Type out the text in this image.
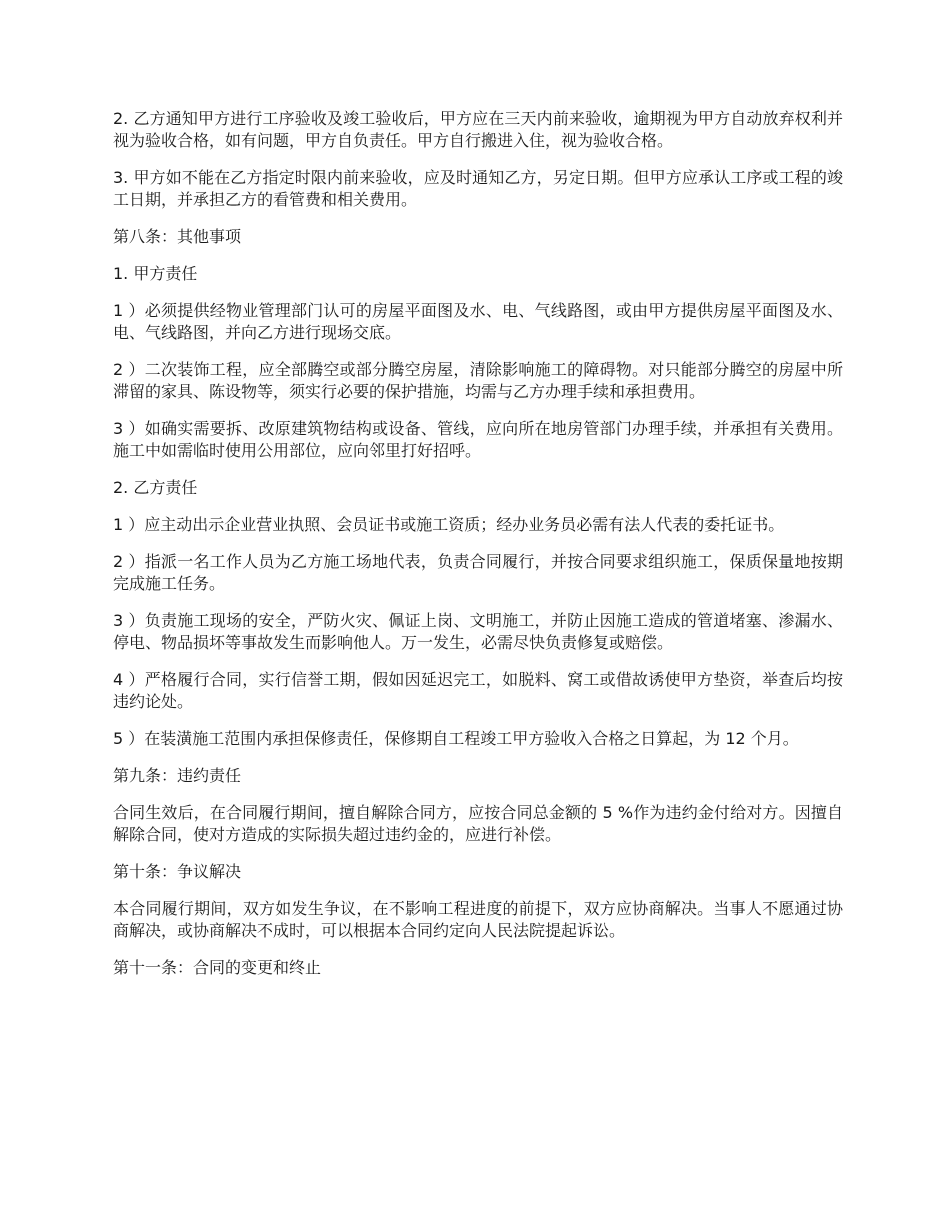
2. 乙方通知甲方进行工序验收及竣工验收后，甲方应在三天内前来验收，逾期视为甲方自动放弃权利并视为验收合格，如有问题，甲方自负责任。甲方自行搬进入住，视为验收合格。

3. 甲方如不能在乙方指定时限内前来验收，应及时通知乙方，另定日期。但甲方应承认工序或工程的竣工日期，并承担乙方的看管费和相关费用。

第八条：其他事项

1. 甲方责任

1 ）必须提供经物业管理部门认可的房屋平面图及水、电、气线路图，或由甲方提供房屋平面图及水、电、气线路图，并向乙方进行现场交底。

2 ）二次装饰工程，应全部腾空或部分腾空房屋，清除影响施工的障碍物。对只能部分腾空的房屋中所滞留的家具、陈设物等，须实行必要的保护措施，均需与乙方办理手续和承担费用。

3 ）如确实需要拆、改原建筑物结构或设备、管线，应向所在地房管部门办理手续，并承担有关费用。施工中如需临时使用公用部位，应向邻里打好招呼。

2. 乙方责任

1 ）应主动出示企业营业执照、会员证书或施工资质；经办业务员必需有法人代表的委托证书。

2 ）指派一名工作人员为乙方施工场地代表，负责合同履行，并按合同要求组织施工，保质保量地按期完成施工任务。

3 ）负责施工现场的安全，严防火灾、佩证上岗、文明施工，并防止因施工造成的管道堵塞、渗漏水、停电、物品损坏等事故发生而影响他人。万一发生，必需尽快负责修复或赔偿。

4 ）严格履行合同，实行信誉工期，假如因延迟完工，如脱料、窝工或借故诱使甲方垫资，举查后均按违约论处。

5 ）在装潢施工范围内承担保修责任，保修期自工程竣工甲方验收入合格之日算起，为 12 个月。

第九条：违约责任

合同生效后，在合同履行期间，擅自解除合同方，应按合同总金额的 5 %作为违约金付给对方。因擅自解除合同，使对方造成的实际损失超过违约金的，应进行补偿。

第十条：争议解决

本合同履行期间，双方如发生争议，在不影响工程进度的前提下，双方应协商解决。当事人不愿通过协商解决，或协商解决不成时，可以根据本合同约定向人民法院提起诉讼。

第十一条：合同的变更和终止
